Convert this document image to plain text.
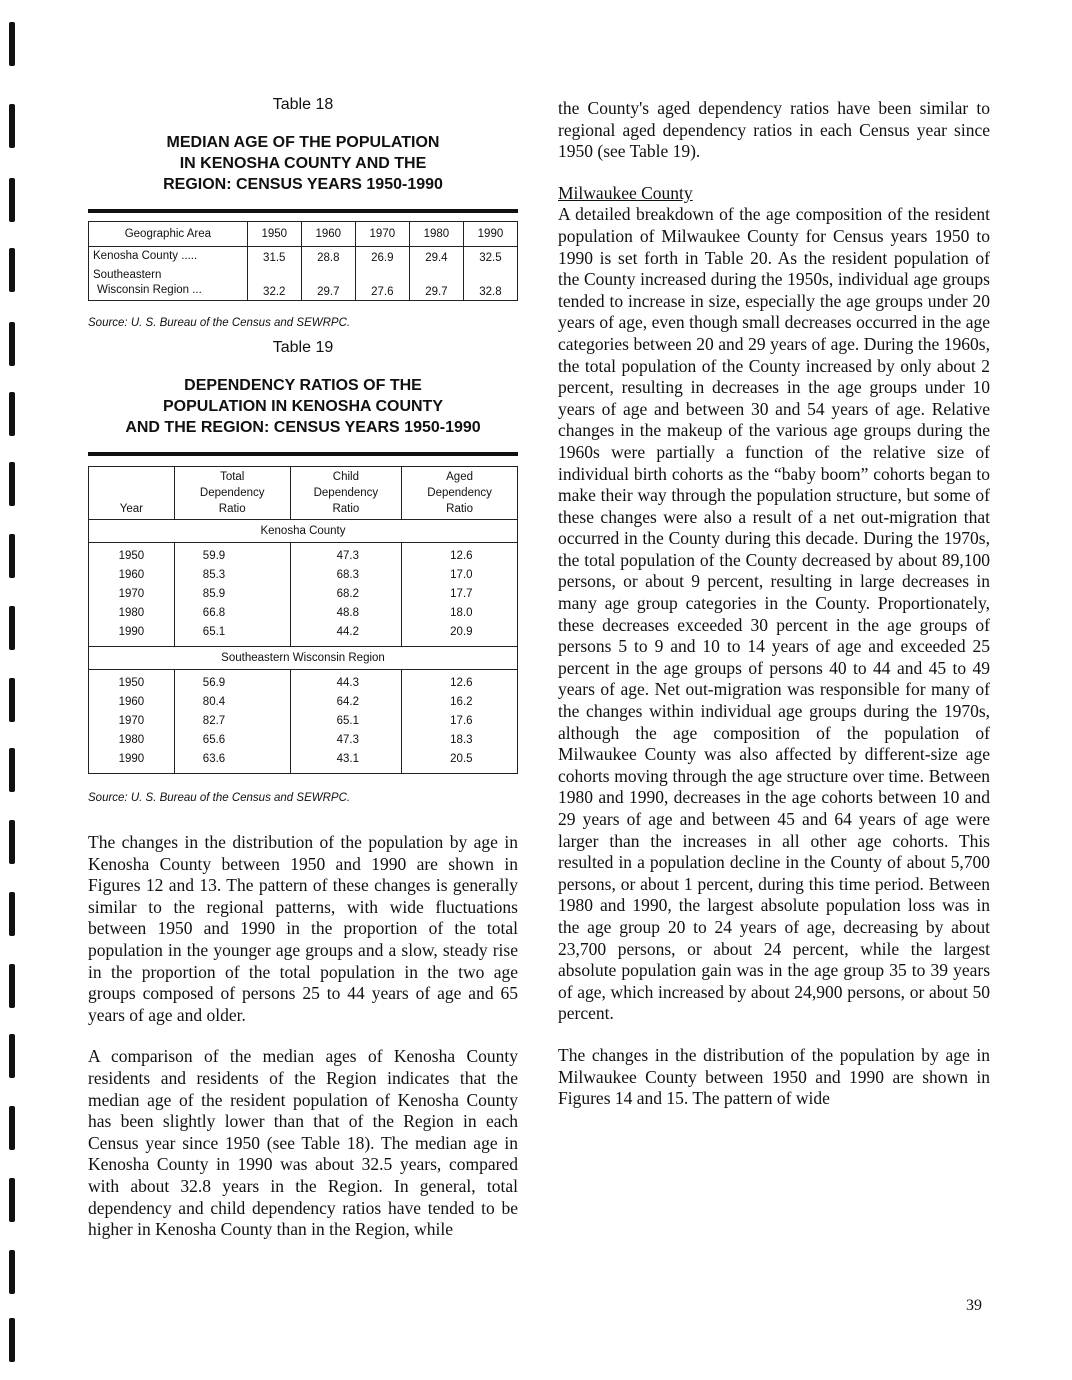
Table 18

MEDIAN AGE OF THE POPULATION
IN KENOSHA COUNTY AND THE
REGION: CENSUS YEARS 1950-1990
Geographic Area	1950	1960	1970	1980	1990
Kenosha County .....	31.5	28.8	26.9	29.4	32.5
Southeastern
Wisconsin Region ...	32.2	29.7	27.6	29.7	32.8

Source: U. S. Bureau of the Census and SEWRPC.

Table 19

DEPENDENCY RATIOS OF THE
POPULATION IN KENOSHA COUNTY
AND THE REGION: CENSUS YEARS 1950-1990
Year	Total
Dependency
Ratio	Child
Dependency
Ratio	Aged
Dependency
Ratio
Kenosha County			
1950	59.9	47.3	12.6
1960	85.3	68.3	17.0
1970	85.9	68.2	17.7
1980	66.8	48.8	18.0
1990	65.1	44.2	20.9
Southeastern Wisconsin Region			
1950	56.9	44.3	12.6
1960	80.4	64.2	16.2
1970	82.7	65.1	17.6
1980	65.6	47.3	18.3
1990	63.6	43.1	20.5

Source: U. S. Bureau of the Census and SEWRPC.

The changes in the distribution of the population by age in Kenosha County between 1950 and 1990 are shown in Figures 12 and 13. The pattern of these changes is generally similar to the regional patterns, with wide fluctuations between 1950 and 1990 in the proportion of the total population in the younger age groups and a slow, steady rise in the proportion of the total population in the two age groups composed of persons 25 to 44 years of age and 65 years of age and older.

A comparison of the median ages of Kenosha County residents and residents of the Region indicates that the median age of the resident population of Kenosha County has been slightly lower than that of the Region in each Census year since 1950 (see Table 18). The median age in Kenosha County in 1990 was about 32.5 years, compared with about 32.8 years in the Region. In general, total dependency and child dependency ratios have tended to be higher in Kenosha County than in the Region, while

the County's aged dependency ratios have been similar to regional aged dependency ratios in each Census year since 1950 (see Table 19).

Milwaukee County

A detailed breakdown of the age composition of the resident population of Milwaukee County for Census years 1950 to 1990 is set forth in Table 20. As the resident population of the County increased during the 1950s, individual age groups tended to increase in size, especially the age groups under 20 years of age, even though small decreases occurred in the age categories between 20 and 29 years of age. During the 1960s, the total population of the County increased by only about 2 percent, resulting in decreases in the age groups under 10 years of age and between 30 and 54 years of age. Relative changes in the makeup of the various age groups during the 1960s were partially a function of the relative size of individual birth cohorts as the “baby boom” cohorts began to make their way through the population structure, but some of these changes were also a result of a net out-migration that occurred in the County during this decade. During the 1970s, the total population of the County decreased by about 89,100 persons, or about 9 percent, resulting in large decreases in many age group categories in the County. Proportionately, these decreases exceeded 30 percent in the age groups of persons 5 to 9 and 10 to 14 years of age and exceeded 25 percent in the age groups of persons 40 to 44 and 45 to 49 years of age. Net out-migration was responsible for many of the changes within individual age groups during the 1970s, although the age composition of the population of Milwaukee County was also affected by different-size age cohorts moving through the age structure over time. Between 1980 and 1990, decreases in the age cohorts between 10 and 29 years of age and between 45 and 64 years of age were larger than the increases in all other age cohorts. This resulted in a population decline in the County of about 5,700 persons, or about 1 percent, during this time period. Between 1980 and 1990, the largest absolute population loss was in the age group 20 to 24 years of age, decreasing by about 23,700 persons, or about 24 percent, while the largest absolute population gain was in the age group 35 to 39 years of age, which increased by about 24,900 persons, or about 50 percent.

The changes in the distribution of the population by age in Milwaukee County between 1950 and 1990 are shown in Figures 14 and 15. The pattern of wide

39
